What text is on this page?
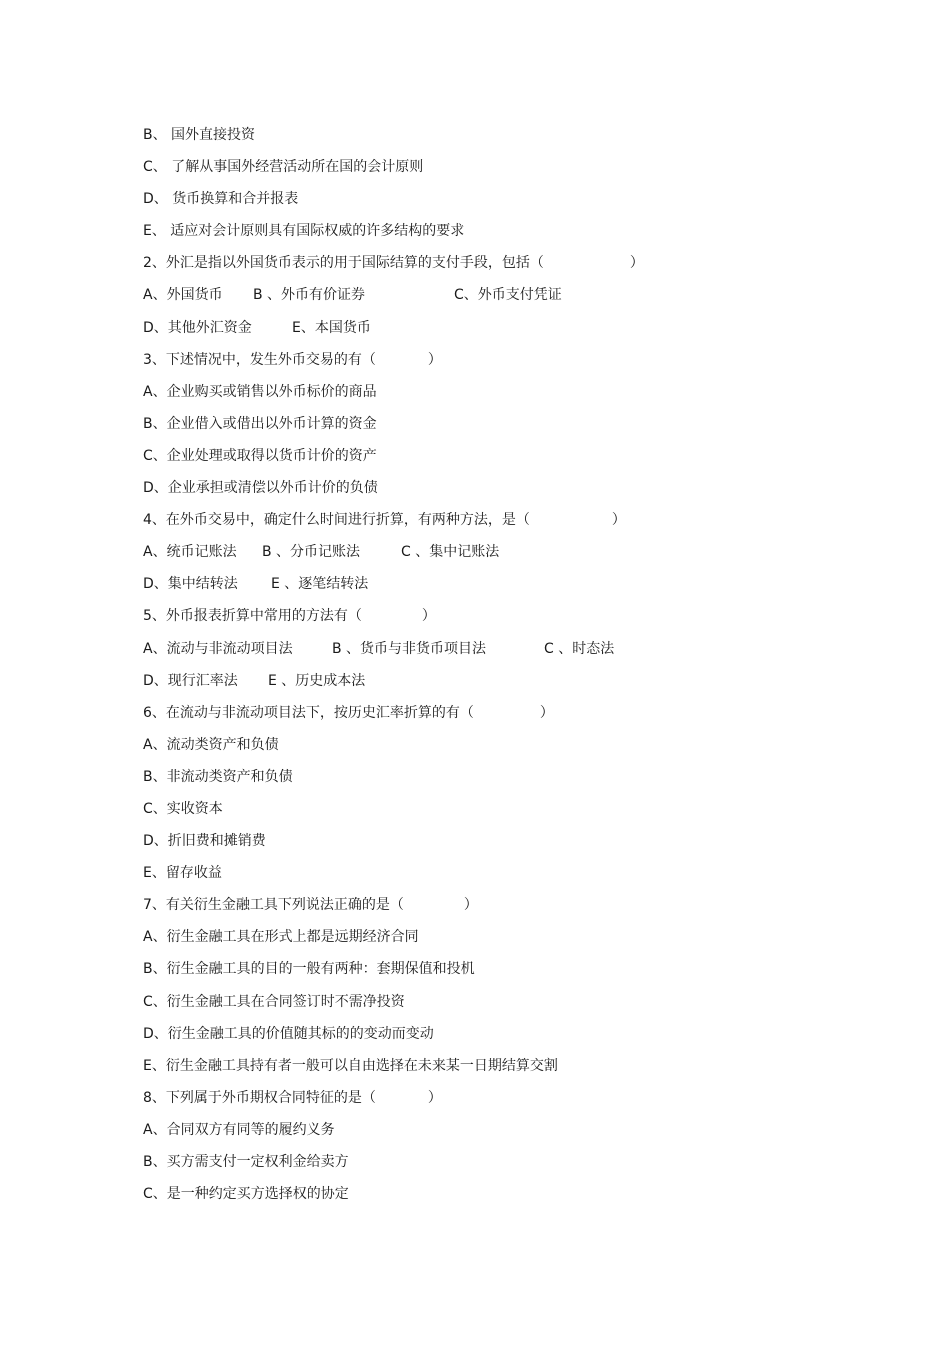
B、 国外直接投资
C、 了解从事国外经营活动所在国的会计原则
D、 货币换算和合并报表
E、 适应对会计原则具有国际权威的许多结构的要求
2、外汇是指以外国货币表示的用于国际结算的支付手段，包括（	）
A、外国货币 B 、外币有价证券	C、外币支付凭证
D、其他外汇资金	E、本国货币
3、下述情况中，发生外币交易的有（	）
A、企业购买或销售以外币标价的商品
B、企业借入或借出以外币计算的资金
C、企业处理或取得以货币计价的资产
D、企业承担或清偿以外币计价的负债
4、在外币交易中，确定什么时间进行折算，有两种方法，是（	）
A、统币记账法 B 、分币记账法	C 、集中记账法
D、集中结转法 E 、逐笔结转法
5、外币报表折算中常用的方法有（	）
A、流动与非流动项目法	B 、货币与非货币项目法	C 、时态法
D、现行汇率法 E 、历史成本法
6、在流动与非流动项目法下，按历史汇率折算的有（	）
A、流动类资产和负债
B、非流动类资产和负债
C、实收资本
D、折旧费和摊销费
E、留存收益
7、有关衍生金融工具下列说法正确的是（	）
A、衍生金融工具在形式上都是远期经济合同
B、衍生金融工具的目的一般有两种：套期保值和投机
C、衍生金融工具在合同签订时不需净投资
D、衍生金融工具的价值随其标的的变动而变动
E、衍生金融工具持有者一般可以自由选择在未来某一日期结算交割
8、下列属于外币期权合同特征的是（	）
A、合同双方有同等的履约义务
B、买方需支付一定权利金给卖方
C、是一种约定买方选择权的协定
